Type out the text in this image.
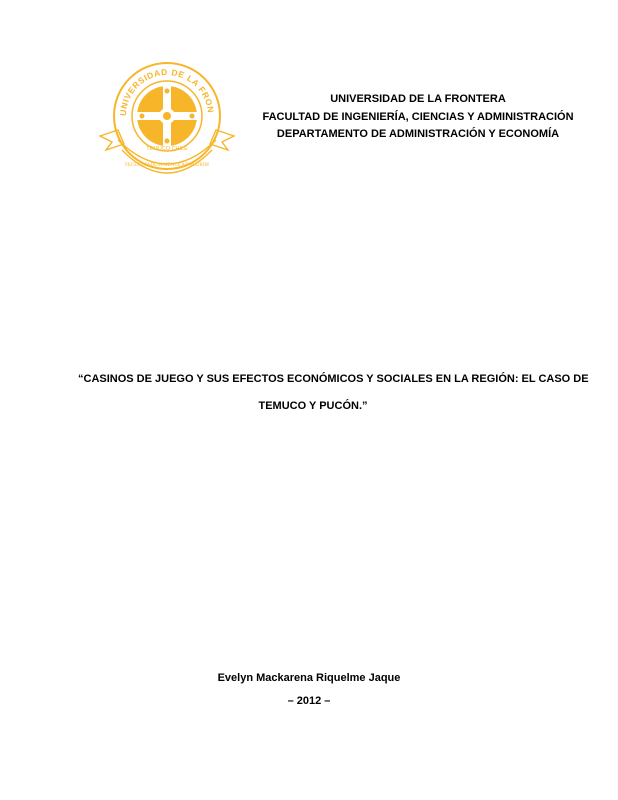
FECUNDIADUM MENTE AD PLURIM
UNIVERSIDAD DE LA FRON
TEMUCO CHILE
UNIVERSIDAD DE LA FRONTERA
FACULTAD DE INGENIERÍA, CIENCIAS Y ADMINISTRACIÓN
DEPARTAMENTO DE ADMINISTRACIÓN Y ECONOMÍA
“CASINOS DE JUEGO Y SUS EFECTOS ECONÓMICOS Y SOCIALES EN LA REGIÓN: EL CASO DE
TEMUCO Y PUCÓN.”
Evelyn Mackarena Riquelme Jaque
– 2012 –
